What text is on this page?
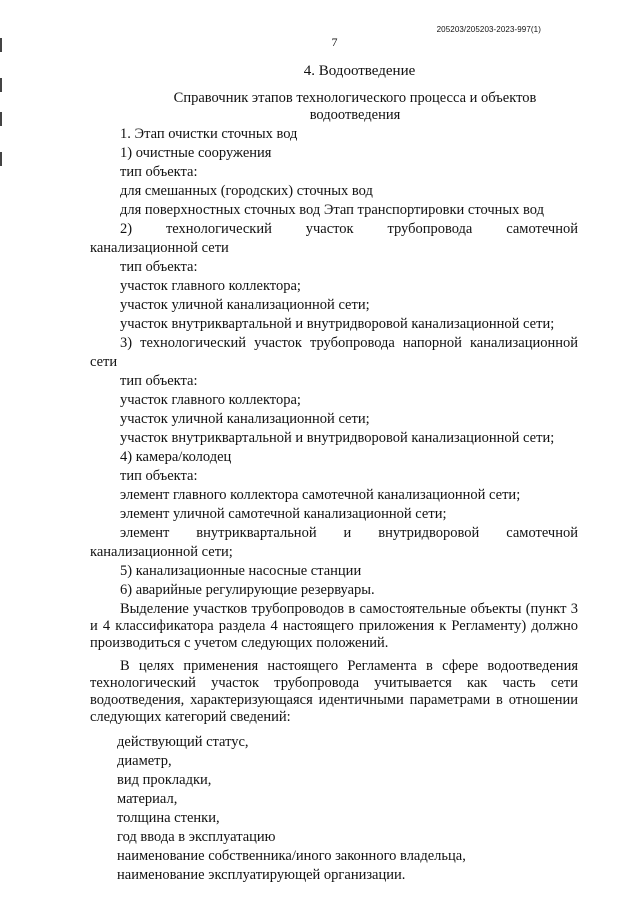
205203/205203-2023-997(1)
7
4. Водоотведение
Справочник этапов технологического процесса и объектов водоотведения
1. Этап очистки сточных вод
1) очистные сооружения
тип объекта:
для смешанных (городских) сточных вод
для поверхностных сточных вод Этап транспортировки сточных вод
2) технологический участок трубопровода самотечной
канализационной сети
тип объекта:
участок главного коллектора;
участок уличной канализационной сети;
участок внутриквартальной и внутридворовой канализационной сети;
3) технологический участок трубопровода напорной канализационной
сети
тип объекта:
участок главного коллектора;
участок уличной канализационной сети;
участок внутриквартальной и внутридворовой канализационной сети;
4) камера/колодец
тип объекта:
элемент главного коллектора самотечной канализационной сети;
элемент уличной самотечной канализационной сети;
элемент внутриквартальной и внутридворовой самотечной
канализационной сети;
5) канализационные насосные станции
6) аварийные регулирующие резервуары.
Выделение участков трубопроводов в самостоятельные объекты (пункт 3 и 4 классификатора раздела 4 настоящего приложения к Регламенту) должно производиться с учетом следующих положений.
В целях применения настоящего Регламента в сфере водоотведения технологический участок трубопровода учитывается как часть сети водоотведения, характеризующаяся идентичными параметрами в отношении следующих категорий сведений:
действующий статус,
диаметр,
вид прокладки,
материал,
толщина стенки,
год ввода в эксплуатацию
наименование собственника/иного законного владельца,
наименование эксплуатирующей организации.
